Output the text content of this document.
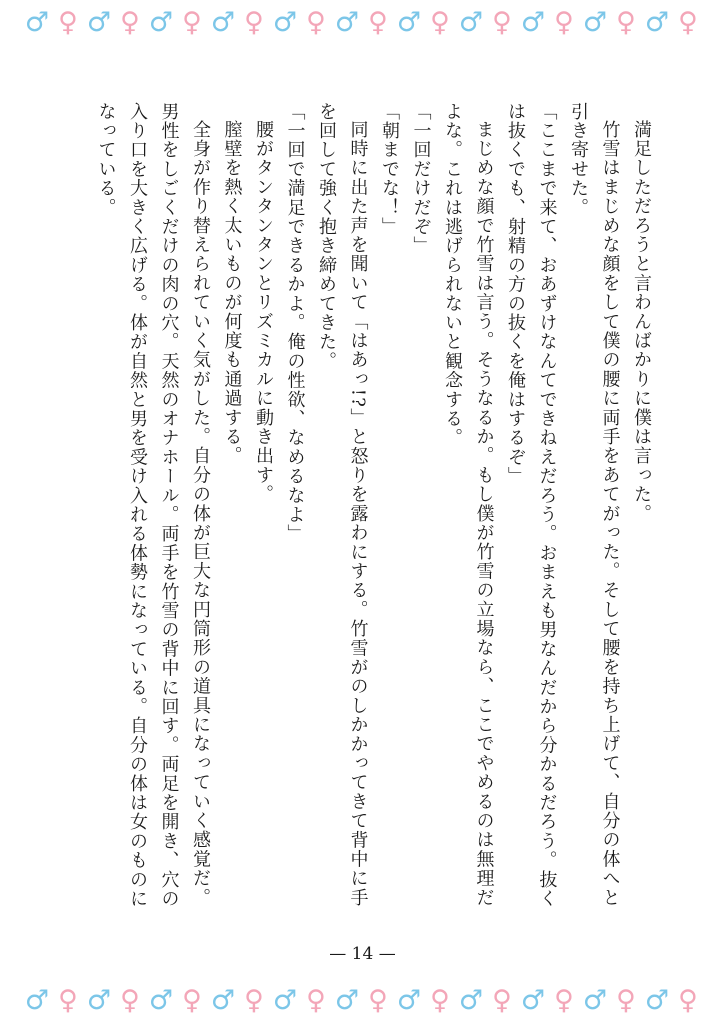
♂ ♀ ♂ ♀ ♂ ♀ ♂ ♀ ♂ ♀ ♂ ♀ ♂ ♀ ♂ ♀ ♂ ♀ ♂ ♀ ♂ ♀

満足しただろうと言わんばかりに僕は言った。

竹雪はまじめな顔をして僕の腰に両手をあてがった。そして腰を持ち上げて、自分の体へと引き寄せた。

「ここまで来て、おあずけなんてできねえだろう。おまえも男なんだから分かるだろう。抜くは抜くでも、射精の方の抜くを俺はするぞ」

まじめな顔で竹雪は言う。そうなるか。もし僕が竹雪の立場なら、ここでやめるのは無理だよな。これは逃げられないと観念する。

「一回だけだぞ」

「朝までな！」

同時に出た声を聞いて「はあっ!?」と怒りを露わにする。竹雪がのしかかってきて背中に手を回して強く抱き締めてきた。

「一回で満足できるかよ。俺の性欲、なめるなよ」

腰がタンタンタンとリズミカルに動き出す。

膣壁を熱く太いものが何度も通過する。

全身が作り替えられていく気がした。自分の体が巨大な円筒形の道具になっていく感覚だ。男性をしごくだけの肉の穴。天然のオナホール。両手を竹雪の背中に回す。両足を開き、穴の入り口を大きく広げる。体が自然と男を受け入れる体勢になっている。自分の体は女のものになっている。

— 14 —
♂ ♀ ♂ ♀ ♂ ♀ ♂ ♀ ♂ ♀ ♂ ♀ ♂ ♀ ♂ ♀ ♂ ♀ ♂ ♀ ♂ ♀
